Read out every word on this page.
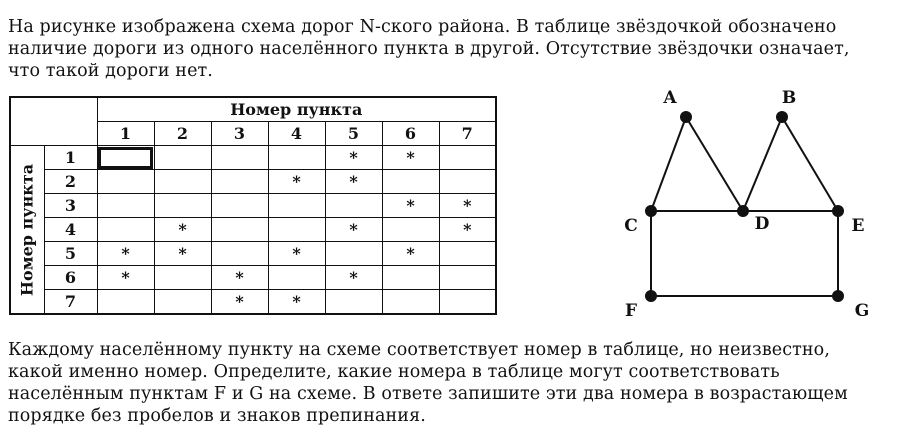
На рисунке изображена схема дорог N-ского района. В таблице звёздочкой обозначено
наличие дороги из одного населённого пункта в другой. Отсутствие звёздочки означает,
что такой дороги нет.
		Номер пункта						
		1	2	3	4	5	6	7

Номер пункта	1					*	*	
	2				*	*		
	3						*	*
	4		*			*		*
	5	*	*		*		*	
	6	*		*		*		
	7			*	*			
A	B
C	D	E
F	G
Каждому населённому пункту на схеме соответствует номер в таблице, но неизвестно,
какой именно номер. Определите, какие номера в таблице могут соответствовать
населённым пунктам F и G на схеме. В ответе запишите эти два номера в возрастающем
порядке без пробелов и знаков препинания.
